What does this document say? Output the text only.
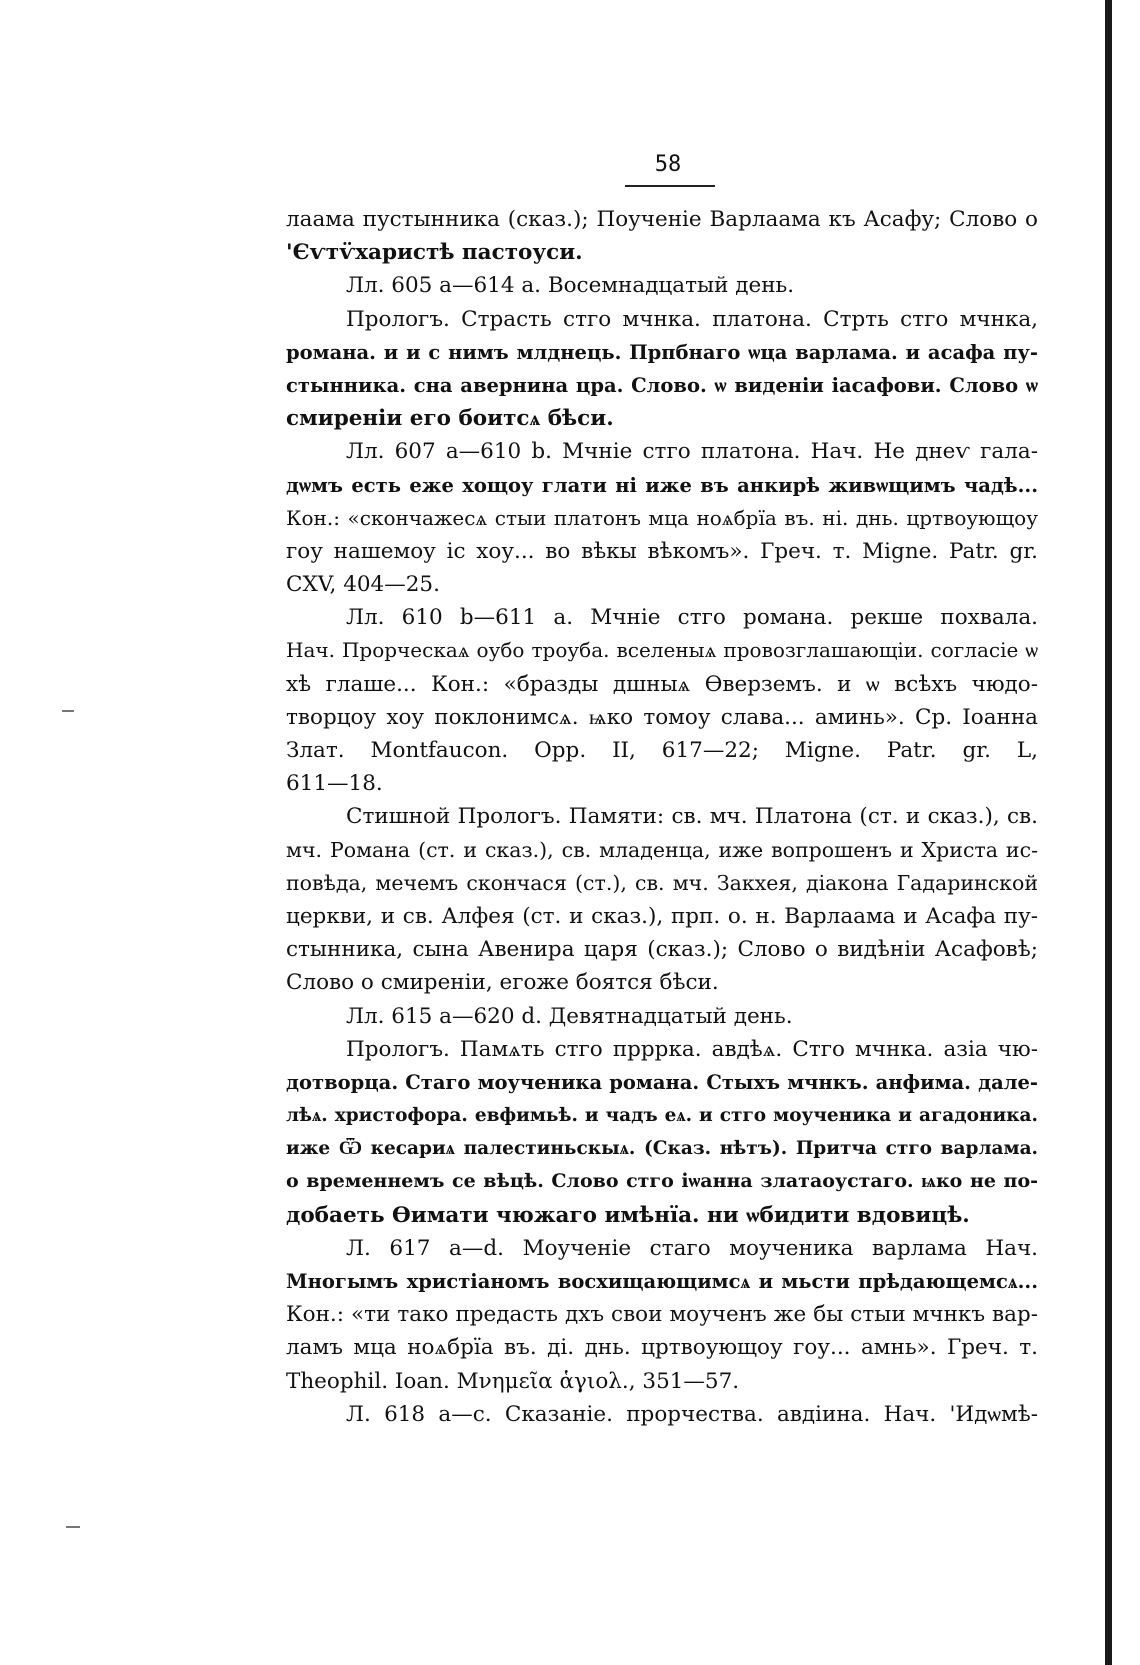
58
лаама пустынника (сказ.); Поученіе Варлаама къ Асафу; Слово о
'Єѵтѵ̈харистѣ пастоуси.
Лл. 605 а—614 а. Восемнадцатый день.
Прологъ. Страсть стго мчнка. платона. Стрть стго мчнка,
романа. и и с нимъ млднець. Прпбнаго ѡца варлама. и асафа пу-
стынника. сна авернина цра. Слово. ѡ виденіи іасафови. Слово ѡ
смиреніи его боитсѧ бѣси.
Лл. 607 а—610 b. Мчніе стго платона. Нач. Не днеѵ гала-
дѡмъ есть еже хощоу глати ні иже въ анкирѣ живѡщимъ чадѣ...
Кон.: «скончажесѧ стыи платонъ мца ноѧбрїа въ. ні. днь. цртвоующоу
гоу нашемоу іс хоу... во вѣкы вѣкомъ». Греч. т. Migne. Patr. gr.
CXV, 404—25.
Лл. 610 b—611 а. Мчніе стго романа. рекше похвала.
Нач. Прорческаѧ оубо троуба. вселеныѧ провозглашающіи. согласіе ѡ
хѣ глаше... Кон.: «бразды дшныѧ Ѳверземъ. и ѡ всѣхъ чюдо-
творцоу хоу поклонимсѧ. ѩко томоу слава... аминь». Ср. Іоанна
Злат. Montfaucon. Opp. II, 617—22; Migne. Patr. gr. L,
611—18.
Стишной Прологъ. Памяти: св. мч. Платона (ст. и сказ.), св.
мч. Романа (ст. и сказ.), св. младенца, иже вопрошенъ и Христа ис-
повѣда, мечемъ скончася (ст.), св. мч. Закхея, діакона Гадаринской
церкви, и св. Алфея (ст. и сказ.), прп. о. н. Варлаама и Асафа пу-
стынника, сына Авенира царя (сказ.); Слово о видѣніи Асафовѣ;
Слово о смиреніи, егоже боятся бѣси.
Лл. 615 а—620 d. Девятнадцатый день.
Прологъ. Памѧть стго прррка. авдѣѧ. Стго мчнка. азіа чю-
дотворца. Стаго моученика романа. Стыхъ мчнкъ. анфима. дале-
лѣѧ. христофора. евфимьѣ. и чадъ еѧ. и стго моученика и агадоника.
иже Ѿ кесариѧ палестиньскыѧ. (Сказ. нѣтъ). Притча стго варлама.
о временнемъ се вѣцѣ. Слово стго іѡанна златаоустаго. ѩко не по-
добаеть Ѳимати чюжаго имѣнїа. ни ѡбидити вдовицѣ.
Л. 617 а—d. Моученіе стаго моученика варлама Нач.
Многымъ христіаномъ восхищающимсѧ и мьсти прѣдающемсѧ...
Кон.: «ти тако предасть дхъ свои моученъ же бы стыи мчнкъ вар-
ламъ мца ноѧбрїа въ. ді. днь. цртвоующоу гоу... амнь». Греч. т.
Theophil. Ioan. Μνημεῖα ἁγιολ., 351—57.
Л. 618 а—с. Сказаніе. прорчества. авдіина. Нач. 'Идѡмѣ-
